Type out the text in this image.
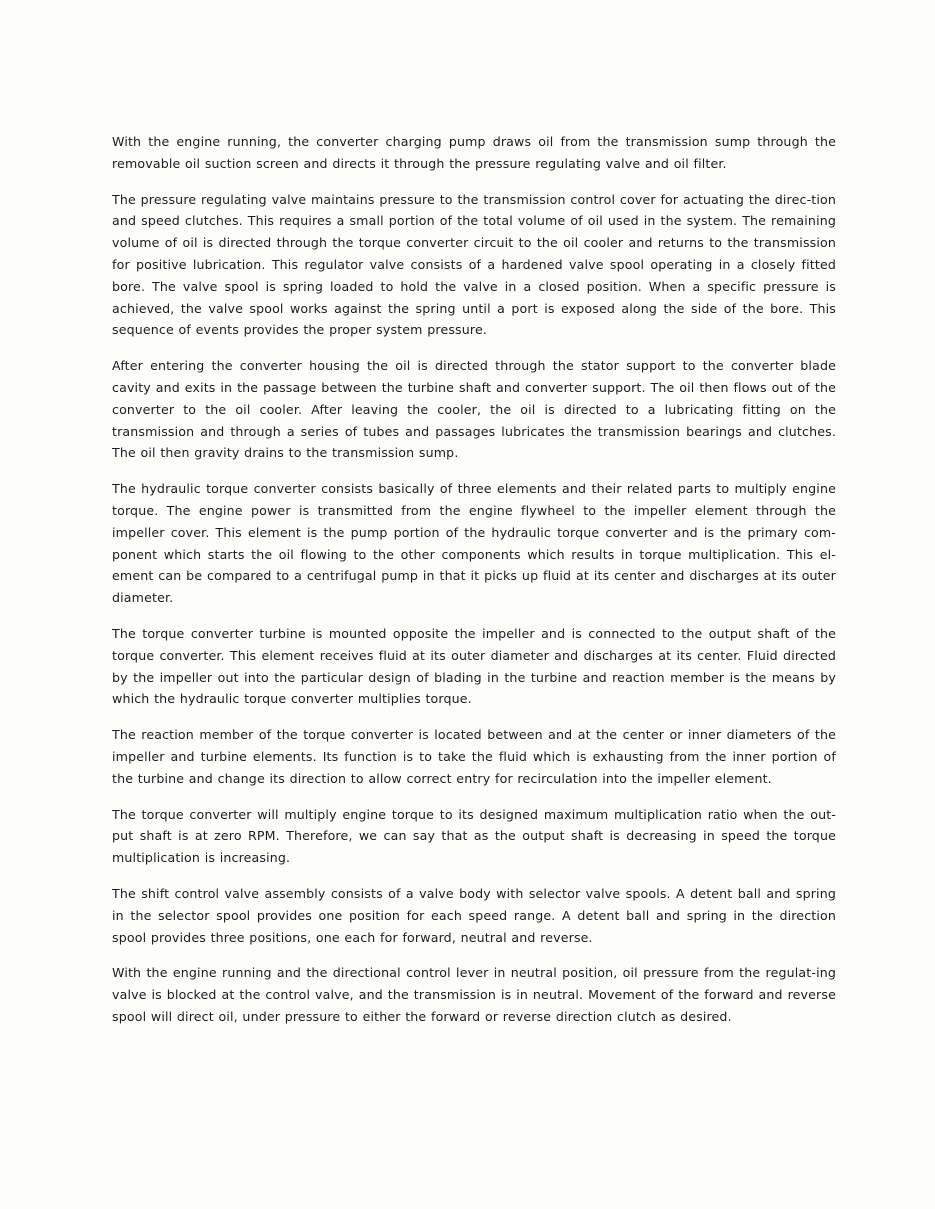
With the engine running, the converter charging pump draws oil from the transmission sump through the removable oil suction screen and directs it through the pressure regulating valve and oil filter.

The pressure regulating valve maintains pressure to the transmission control cover for actuating the direc-tion and speed clutches. This requires a small portion of the total volume of oil used in the system. The remaining volume of oil is directed through the torque converter circuit to the oil cooler and returns to the transmission for positive lubrication. This regulator valve consists of a hardened valve spool operating in a closely fitted bore. The valve spool is spring loaded to hold the valve in a closed position. When a specific pressure is achieved, the valve spool works against the spring until a port is exposed along the side of the bore. This sequence of events provides the proper system pressure.

After entering the converter housing the oil is directed through the stator support to the converter blade cavity and exits in the passage between the turbine shaft and converter support. The oil then flows out of the converter to the oil cooler. After leaving the cooler, the oil is directed to a lubricating fitting on the transmission and through a series of tubes and passages lubricates the transmission bearings and clutches. The oil then gravity drains to the transmission sump.

The hydraulic torque converter consists basically of three elements and their related parts to multiply engine torque. The engine power is transmitted from the engine flywheel to the impeller element through the impeller cover. This element is the pump portion of the hydraulic torque converter and is the primary com-ponent which starts the oil flowing to the other components which results in torque multiplication. This el-ement can be compared to a centrifugal pump in that it picks up fluid at its center and discharges at its outer diameter.

The torque converter turbine is mounted opposite the impeller and is connected to the output shaft of the torque converter. This element receives fluid at its outer diameter and discharges at its center. Fluid directed by the impeller out into the particular design of blading in the turbine and reaction member is the means by which the hydraulic torque converter multiplies torque.

The reaction member of the torque converter is located between and at the center or inner diameters of the impeller and turbine elements. Its function is to take the fluid which is exhausting from the inner portion of the turbine and change its direction to allow correct entry for recirculation into the impeller element.

The torque converter will multiply engine torque to its designed maximum multiplication ratio when the out-put shaft is at zero RPM. Therefore, we can say that as the output shaft is decreasing in speed the torque multiplication is increasing.

The shift control valve assembly consists of a valve body with selector valve spools. A detent ball and spring in the selector spool provides one position for each speed range. A detent ball and spring in the direction spool provides three positions, one each for forward, neutral and reverse.

With the engine running and the directional control lever in neutral position, oil pressure from the regulat-ing valve is blocked at the control valve, and the transmission is in neutral. Movement of the forward and reverse spool will direct oil, under pressure to either the forward or reverse direction clutch as desired.
